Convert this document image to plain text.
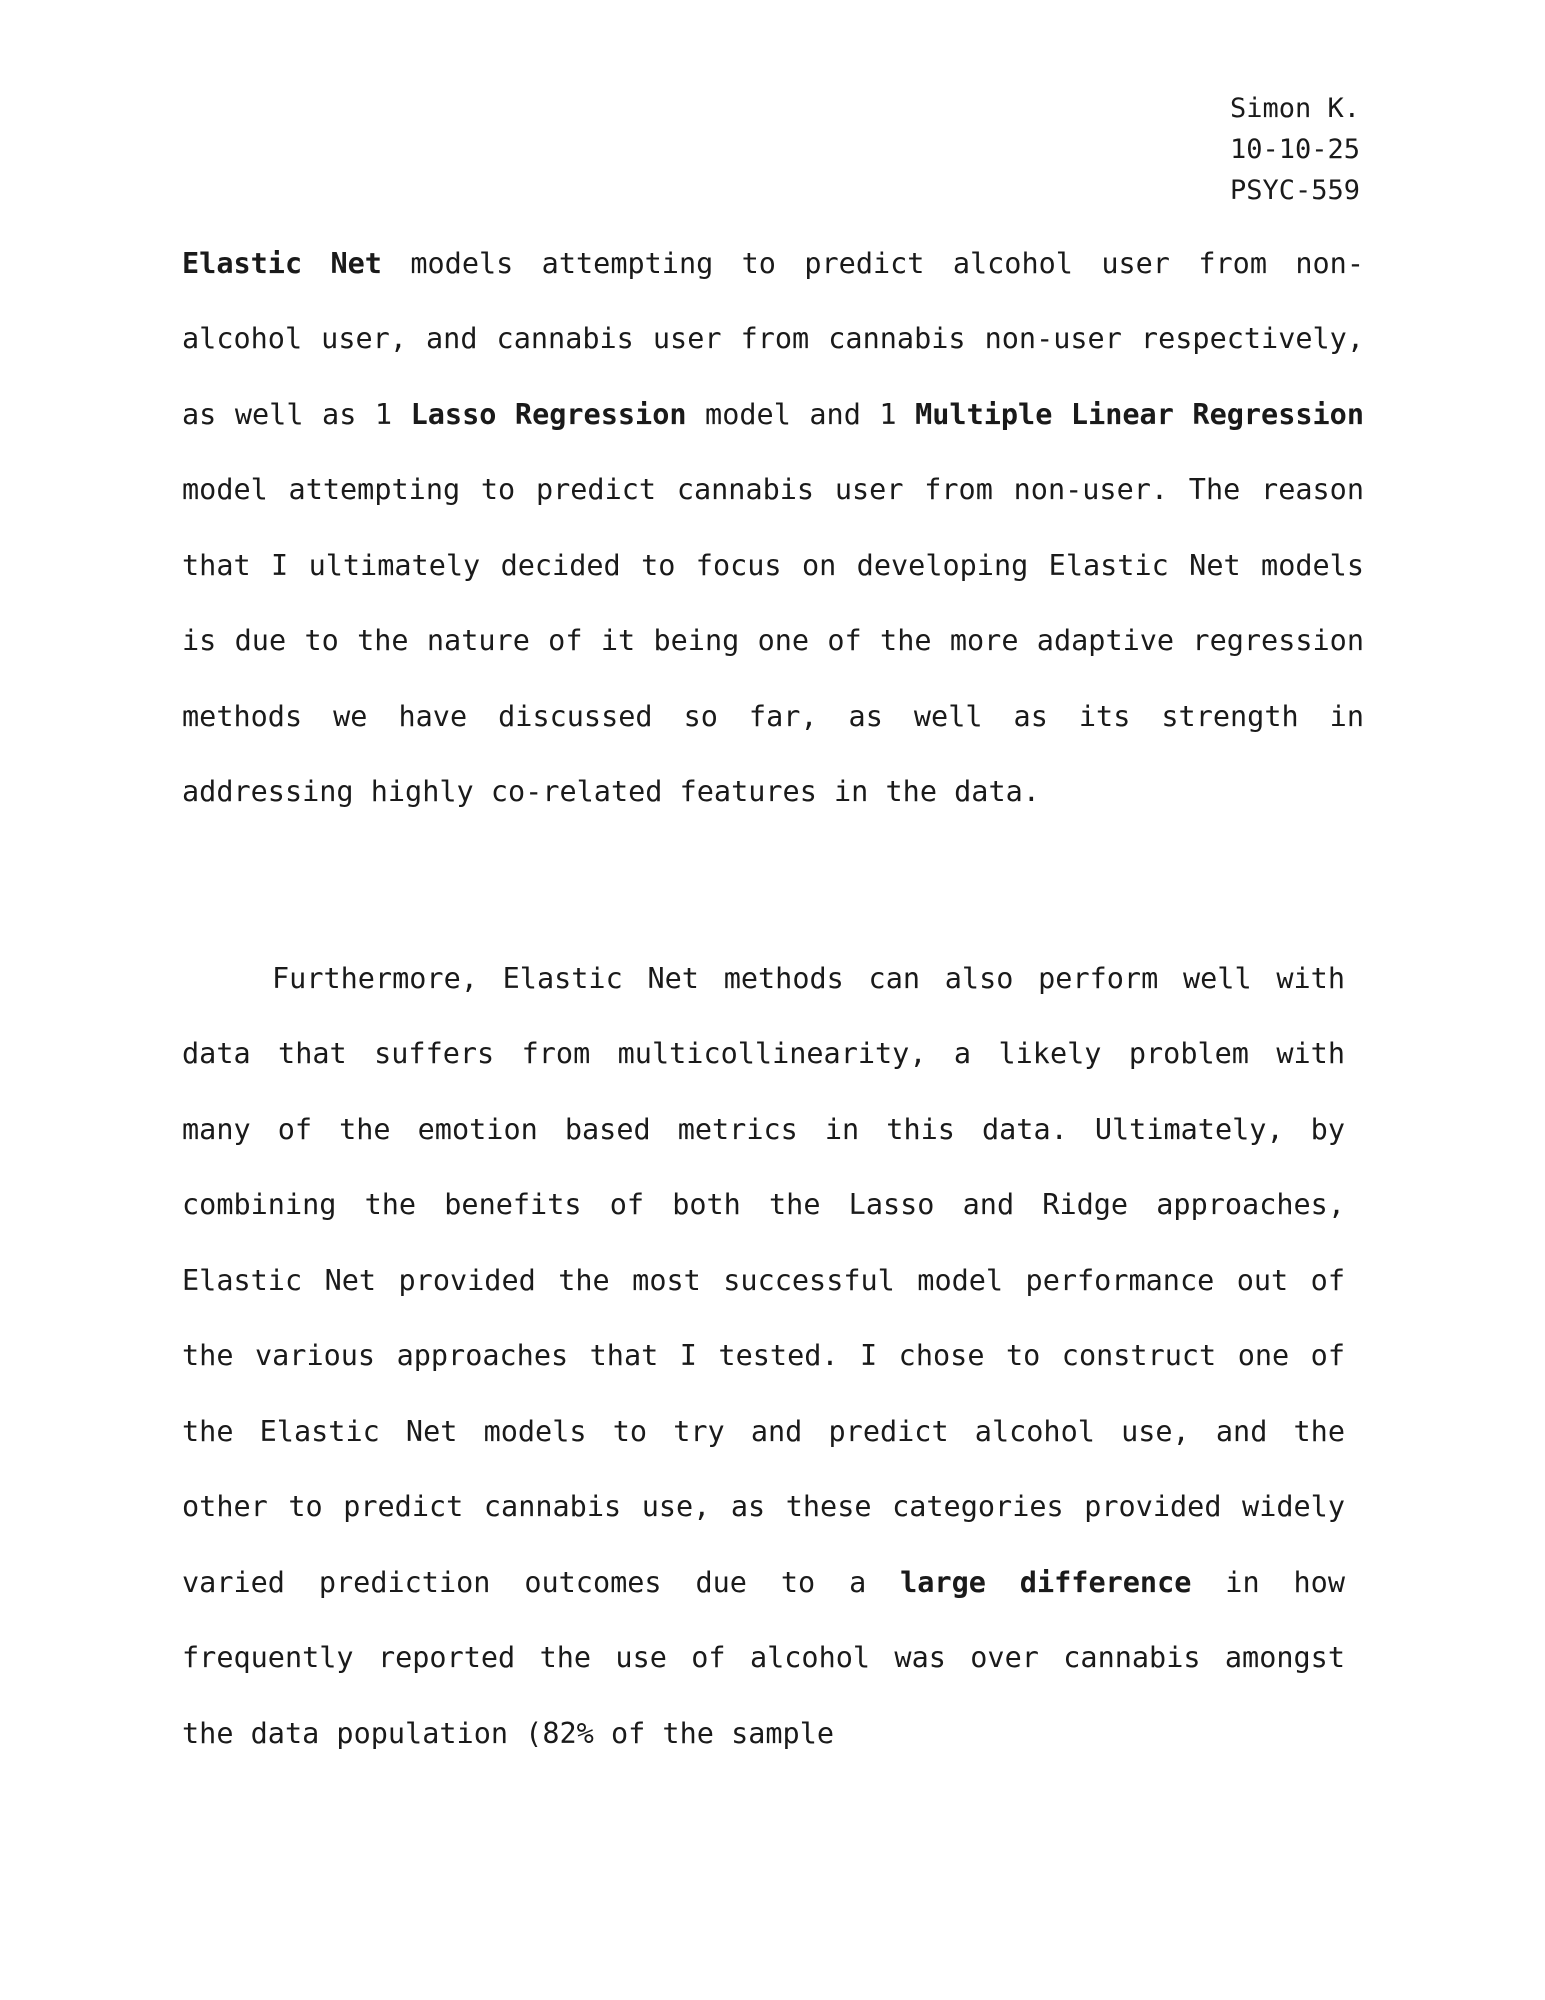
Simon K.
10-10-25
PSYC-559

Elastic Net models attempting to predict alcohol user from non-alcohol user, and cannabis user from cannabis non-user respectively, as well as 1 Lasso Regression model and 1 Multiple Linear Regression model attempting to predict cannabis user from non-user. The reason that I ultimately decided to focus on developing Elastic Net models is due to the nature of it being one of the more adaptive regression methods we have discussed so far, as well as its strength in addressing highly co-related features in the data.

Furthermore, Elastic Net methods can also perform well with data that suffers from multicollinearity, a likely problem with many of the emotion based metrics in this data. Ultimately, by combining the benefits of both the Lasso and Ridge approaches, Elastic Net provided the most successful model performance out of the various approaches that I tested. I chose to construct one of the Elastic Net models to try and predict alcohol use, and the other to predict cannabis use, as these categories provided widely varied prediction outcomes due to a large difference in how frequently reported the use of alcohol was over cannabis amongst the data population (82% of the sample
